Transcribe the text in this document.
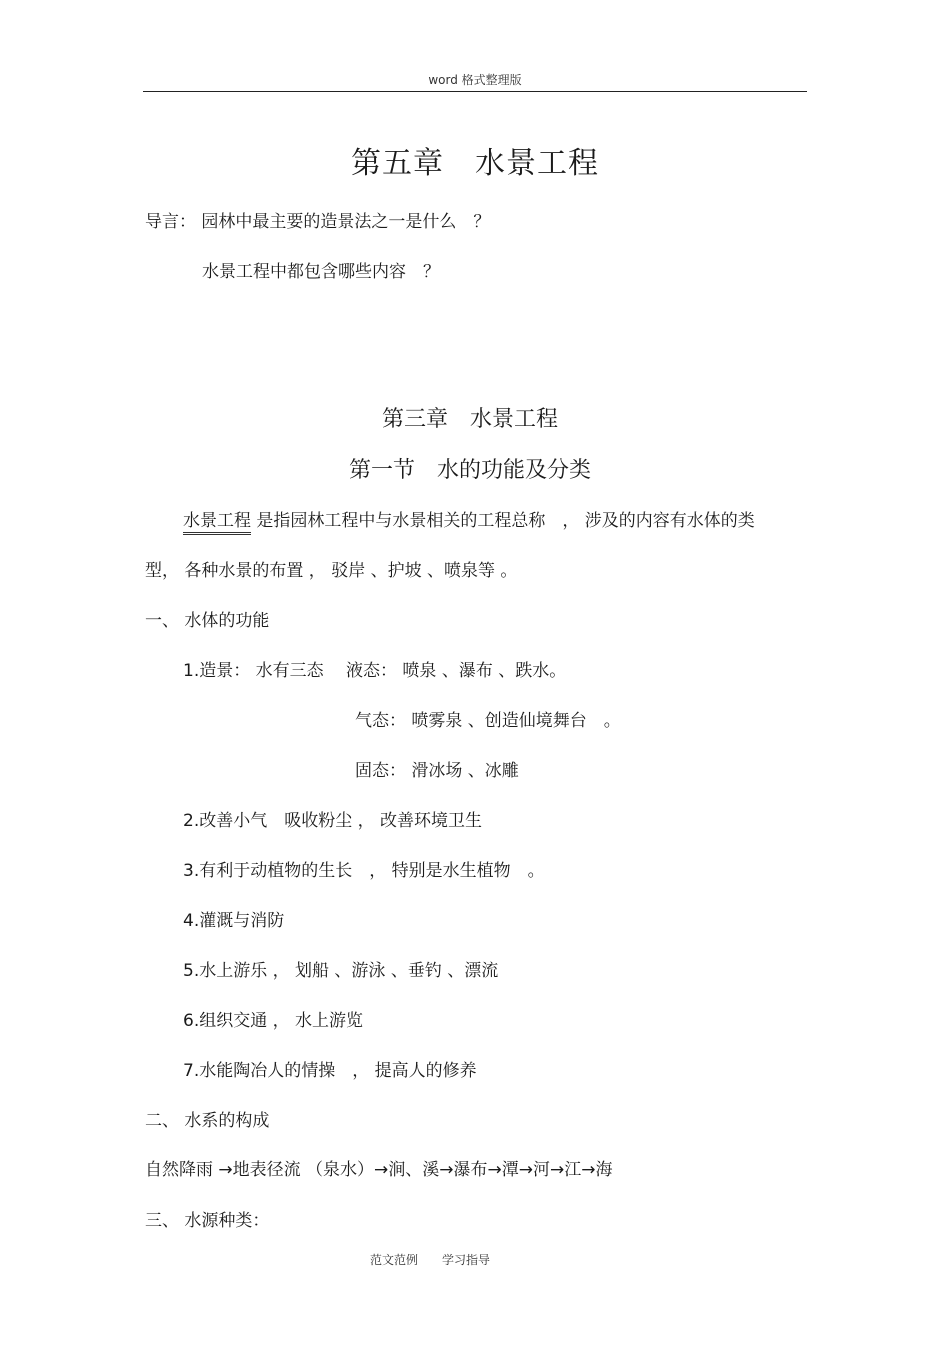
word 格式整理版
第五章　水景工程
导言： 园林中最主要的造景法之一是什么　？
水景工程中都包含哪些内容　？
第三章　水景工程
第一节　水的功能及分类
水景工程 是指园林工程中与水景相关的工程总称　， 涉及的内容有水体的类
型， 各种水景的布置 ， 驳岸 、护坡 、喷泉等 。
一、 水体的功能
1.造景： 水有三态　 液态： 喷泉 、瀑布 、跌水。
气态： 喷雾泉 、创造仙境舞台　。
固态： 滑冰场 、冰雕
2.改善小气　吸收粉尘 ， 改善环境卫生
3.有利于动植物的生长　， 特别是水生植物　。
4.灌溉与消防
5.水上游乐 ， 划船 、游泳 、垂钓 、漂流
6.组织交通 ， 水上游览
7.水能陶冶人的情操　， 提高人的修养
二、 水系的构成
自然降雨 →地表径流 （泉水）→涧、溪→瀑布→潭→河→江→海
三、 水源种类：
范文范例　　学习指导
